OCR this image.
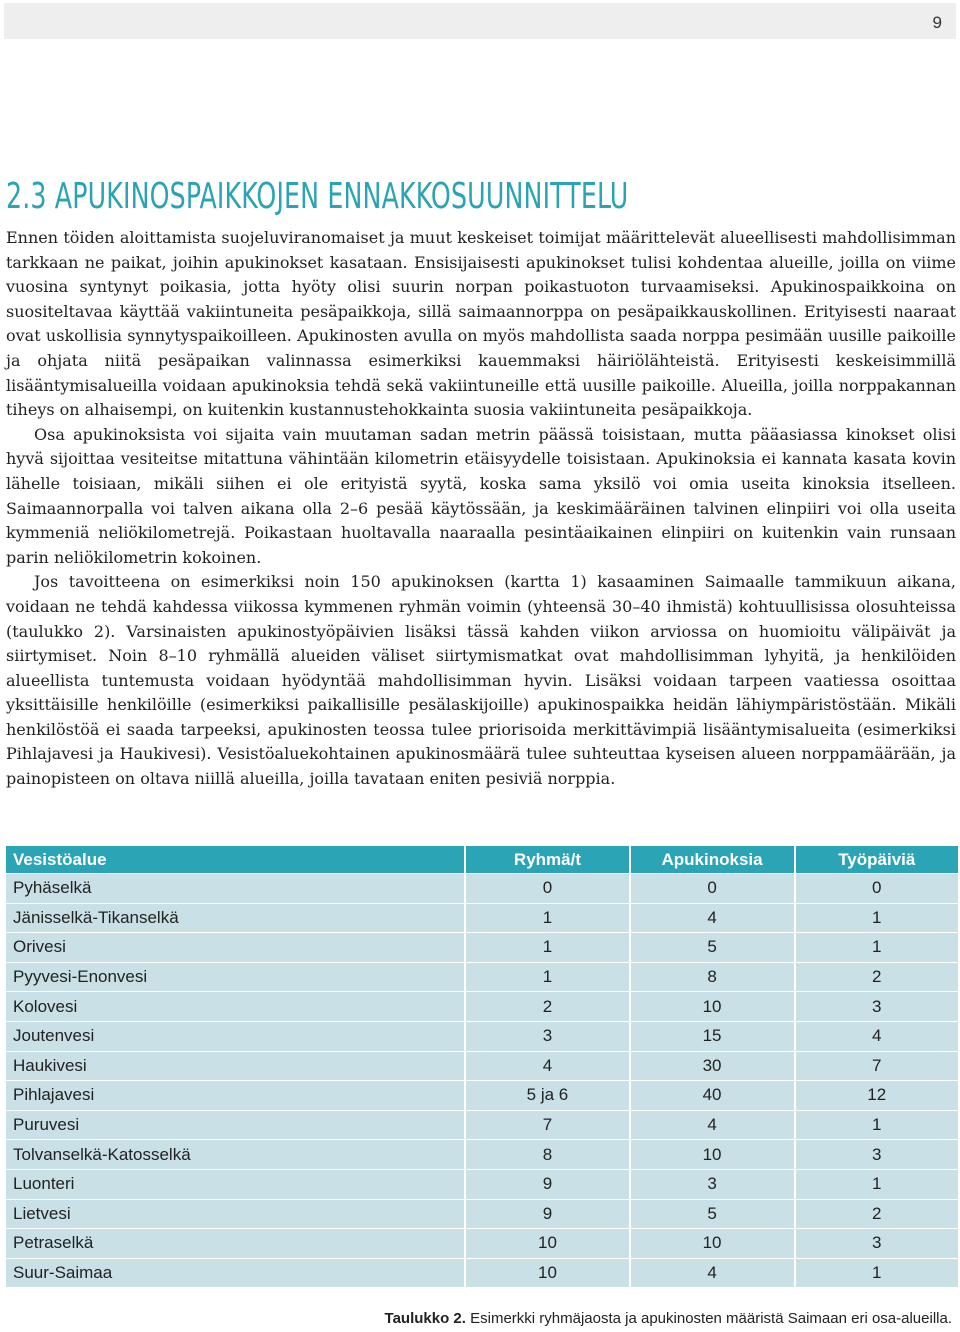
9
2.3 APUKINOSPAIKKOJEN ENNAKKOSUUNNITTELU

Ennen töiden aloittamista suojeluviranomaiset ja muut keskeiset toimijat määrittelevät alueellisesti mahdollisimman tarkkaan ne paikat, joihin apukinokset kasataan. Ensisijaisesti apukinokset tulisi kohdentaa alueille, joilla on viime vuosina syntynyt poikasia, jotta hyöty olisi suurin norpan poikastuoton turvaamiseksi. Apukinospaikkoina on suositeltavaa käyttää vakiintuneita pesäpaikkoja, sillä saimaannorppa on pesäpaikkauskollinen. Erityisesti naaraat ovat uskollisia synnytyspaikoilleen. Apukinosten avulla on myös mahdollista saada norppa pesimään uusille paikoille ja ohjata niitä pesäpaikan valinnassa esimerkiksi kauemmaksi häiriölähteistä. Erityisesti keskeisimmillä lisääntymisalueilla voidaan apukinoksia tehdä sekä vakiintuneille että uusille paikoille. Alueilla, joilla norppakannan tiheys on alhaisempi, on kuitenkin kustannustehokkainta suosia vakiintuneita pesäpaikkoja.

Osa apukinoksista voi sijaita vain muutaman sadan metrin päässä toisistaan, mutta pääasiassa kinokset olisi hyvä sijoittaa vesiteitse mitattuna vähintään kilometrin etäisyydelle toisistaan. Apukinoksia ei kannata kasata kovin lähelle toisiaan, mikäli siihen ei ole erityistä syytä, koska sama yksilö voi omia useita kinoksia itselleen. Saimaannorpalla voi talven aikana olla 2–6 pesää käytössään, ja keskimääräinen talvinen elinpiiri voi olla useita kymmeniä neliökilometrejä. Poikastaan huoltavalla naaraalla pesintäaikainen elinpiiri on kuitenkin vain runsaan parin neliökilometrin kokoinen.

Jos tavoitteena on esimerkiksi noin 150 apukinoksen (kartta 1) kasaaminen Saimaalle tammikuun aikana, voidaan ne tehdä kahdessa viikossa kymmenen ryhmän voimin (yhteensä 30–40 ihmistä) kohtuullisissa olosuhteissa (taulukko 2). Varsinaisten apukinostyöpäivien lisäksi tässä kahden viikon arviossa on huomioitu välipäivät ja siirtymiset. Noin 8–10 ryhmällä alueiden väliset siirtymismatkat ovat mahdollisimman lyhyitä, ja henkilöiden alueellista tuntemusta voidaan hyödyntää mahdollisimman hyvin. Lisäksi voidaan tarpeen vaatiessa osoittaa yksittäisille henkilöille (esimerkiksi paikallisille pesälaskijoille) apukinospaikka heidän lähiympäristöstään. Mikäli henkilöstöä ei saada tarpeeksi, apukinosten teossa tulee priorisoida merkittävimpiä lisääntymisalueita (esimerkiksi Pihlajavesi ja Haukivesi). Vesistöaluekohtainen apukinosmäärä tulee suhteuttaa kyseisen alueen norppamäärään, ja painopisteen on oltava niillä alueilla, joilla tavataan eniten pesiviä norppia.

Vesistöalue	Ryhmä/t	Apukinoksia	Työpäiviä
Pyhäselkä	0	0	0
Jänisselkä-Tikanselkä	1	4	1
Orivesi	1	5	1
Pyyvesi-Enonvesi	1	8	2
Kolovesi	2	10	3
Joutenvesi	3	15	4
Haukivesi	4	30	7
Pihlajavesi	5 ja 6	40	12
Puruvesi	7	4	1
Tolvanselkä-Katosselkä	8	10	3
Luonteri	9	3	1
Lietvesi	9	5	2
Petraselkä	10	10	3
Suur-Saimaa	10	4	1
Taulukko 2. Esimerkki ryhmäjaosta ja apukinosten määristä Saimaan eri osa-alueilla.
